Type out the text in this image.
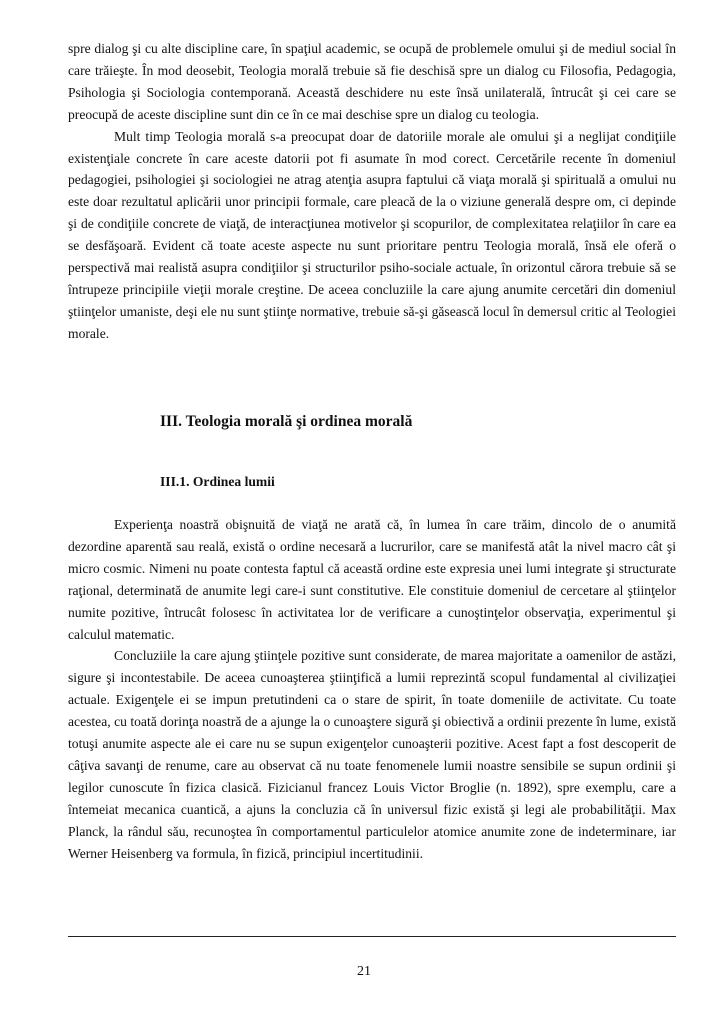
spre dialog şi cu alte discipline care, în spaţiul academic, se ocupă de problemele omului şi de mediul social în care trăieşte. În mod deosebit, Teologia morală trebuie să fie deschisă spre un dialog cu Filosofia, Pedagogia, Psihologia şi Sociologia contemporană. Această deschidere nu este însă unilaterală, întrucât şi cei care se preocupă de aceste discipline sunt din ce în ce mai deschise spre un dialog cu teologia.

Mult timp Teologia morală s-a preocupat doar de datoriile morale ale omului şi a neglijat condiţiile existenţiale concrete în care aceste datorii pot fi asumate în mod corect. Cercetările recente în domeniul pedagogiei, psihologiei şi sociologiei ne atrag atenţia asupra faptului că viaţa morală şi spirituală a omului nu este doar rezultatul aplicării unor principii formale, care pleacă de la o viziune generală despre om, ci depinde şi de condiţiile concrete de viaţă, de interacţiunea motivelor şi scopurilor, de complexitatea relaţiilor în care ea se desfăşoară. Evident că toate aceste aspecte nu sunt prioritare pentru Teologia morală, însă ele oferă o perspectivă mai realistă asupra condiţiilor şi structurilor psiho-sociale actuale, în orizontul cărora trebuie să se întrupeze principiile vieţii morale creştine. De aceea concluziile la care ajung anumite cercetări din domeniul ştiinţelor umaniste, deşi ele nu sunt ştiinţe normative, trebuie să-şi găsească locul în demersul critic al Teologiei morale.

III. Teologia morală şi ordinea morală
III.1. Ordinea lumii

Experienţa noastră obişnuită de viaţă ne arată că, în lumea în care trăim, dincolo de o anumită dezordine aparentă sau reală, există o ordine necesară a lucrurilor, care se manifestă atât la nivel macro cât şi micro cosmic. Nimeni nu poate contesta faptul că această ordine este expresia unei lumi integrate şi structurate raţional, determinată de anumite legi care-i sunt constitutive. Ele constituie domeniul de cercetare al ştiinţelor numite pozitive, întrucât folosesc în activitatea lor de verificare a cunoştinţelor observaţia, experimentul şi calculul matematic.

Concluziile la care ajung ştiinţele pozitive sunt considerate, de marea majoritate a oamenilor de astăzi, sigure şi incontestabile. De aceea cunoaşterea ştiinţifică a lumii reprezintă scopul fundamental al civilizaţiei actuale. Exigenţele ei se impun pretutindeni ca o stare de spirit, în toate domeniile de activitate. Cu toate acestea, cu toată dorinţa noastră de a ajunge la o cunoaştere sigură şi obiectivă a ordinii prezente în lume, există totuşi anumite aspecte ale ei care nu se supun exigenţelor cunoaşterii pozitive. Acest fapt a fost descoperit de câţiva savanţi de renume, care au observat că nu toate fenomenele lumii noastre sensibile se supun ordinii şi legilor cunoscute în fizica clasică. Fizicianul francez Louis Victor Broglie (n. 1892), spre exemplu, care a întemeiat mecanica cuantică, a ajuns la concluzia că în universul fizic există şi legi ale probabilităţii. Max Planck, la rândul său, recunoştea în comportamentul particulelor atomice anumite zone de indeterminare, iar Werner Heisenberg va formula, în fizică, principiul incertitudinii.

21
